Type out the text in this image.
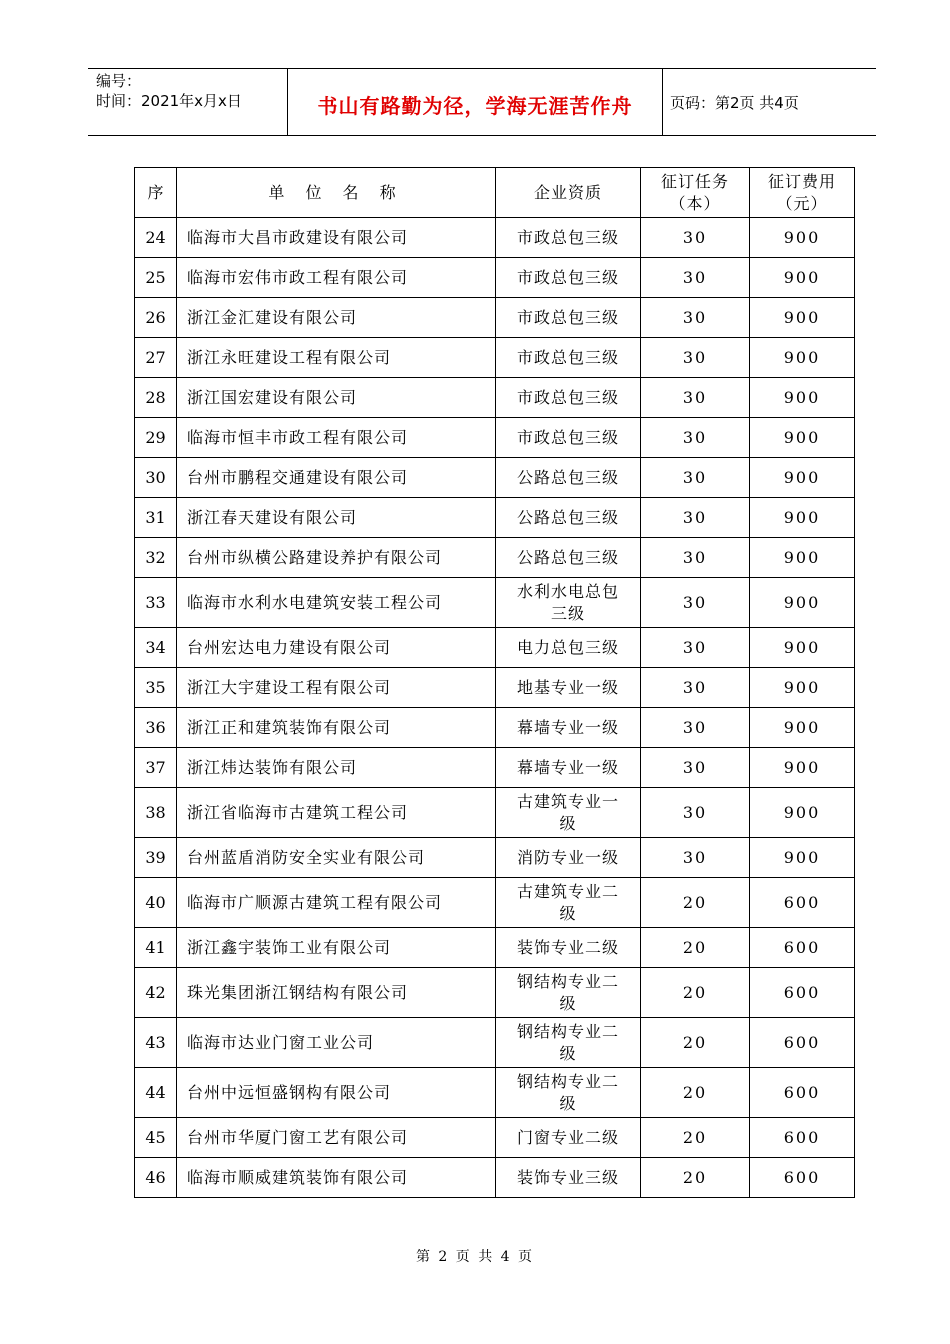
编号：
时间：2021年x月x日	书山有路勤为径，学海无涯苦作舟	页码：第2页 共4页
序	单 位 名 称	企业资质	征订任务（本）	征订费用（元）
24	临海市大昌市政建设有限公司	市政总包三级	30	900
25	临海市宏伟市政工程有限公司	市政总包三级	30	900
26	浙江金汇建设有限公司	市政总包三级	30	900
27	浙江永旺建设工程有限公司	市政总包三级	30	900
28	浙江国宏建设有限公司	市政总包三级	30	900
29	临海市恒丰市政工程有限公司	市政总包三级	30	900
30	台州市鹏程交通建设有限公司	公路总包三级	30	900
31	浙江春天建设有限公司	公路总包三级	30	900
32	台州市纵横公路建设养护有限公司	公路总包三级	30	900
33	临海市水利水电建筑安装工程公司	水利水电总包三级	30	900
34	台州宏达电力建设有限公司	电力总包三级	30	900
35	浙江大宇建设工程有限公司	地基专业一级	30	900
36	浙江正和建筑装饰有限公司	幕墙专业一级	30	900
37	浙江炜达装饰有限公司	幕墙专业一级	30	900
38	浙江省临海市古建筑工程公司	古建筑专业一级	30	900
39	台州蓝盾消防安全实业有限公司	消防专业一级	30	900
40	临海市广顺源古建筑工程有限公司	古建筑专业二级	20	600
41	浙江鑫宇装饰工业有限公司	装饰专业二级	20	600
42	珠光集团浙江钢结构有限公司	钢结构专业二级	20	600
43	临海市达业门窗工业公司	钢结构专业二级	20	600
44	台州中远恒盛钢构有限公司	钢结构专业二级	20	600
45	台州市华厦门窗工艺有限公司	门窗专业二级	20	600
46	临海市顺威建筑装饰有限公司	装饰专业三级	20	600
第 2 页 共 4 页
